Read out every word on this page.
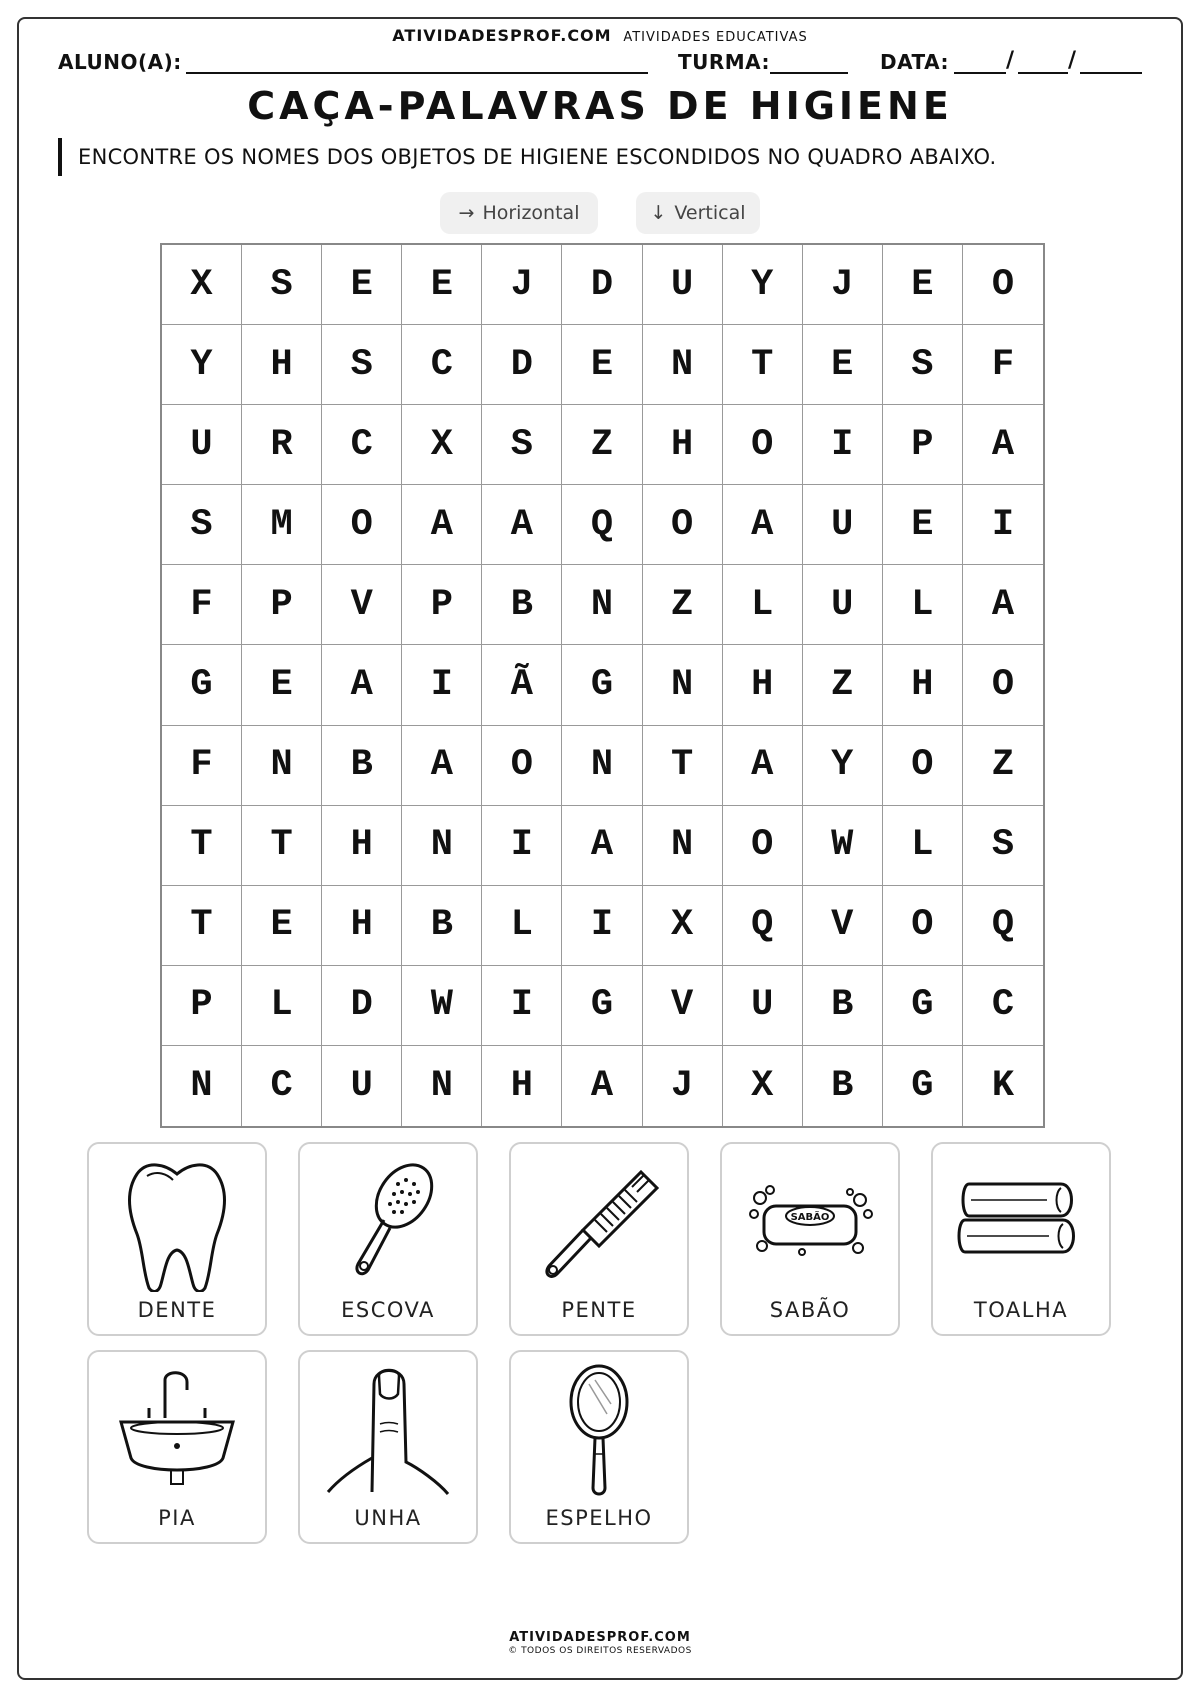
ATIVIDADESPROF.COM ATIVIDADES EDUCATIVAS
ALUNO(A):	TURMA:	DATA:	/ /
CAÇA-PALAVRAS DE HIGIENE
ENCONTRE OS NOMES DOS OBJETOS DE HIGIENE ESCONDIDOS NO QUADRO ABAIXO.
→ Horizontal	↓ Vertical
X	S	E	E	J	D	U	Y	J	E	O
Y	H	S	C	D	E	N	T	E	S	F
U	R	C	X	S	Z	H	O	I	P	A
S	M	O	A	A	Q	O	A	U	E	I
F	P	V	P	B	N	Z	L	U	L	A
G	E	A	I	Ã	G	N	H	Z	H	O
F	N	B	A	O	N	T	A	Y	O	Z
T	T	H	N	I	A	N	O	W	L	S
T	E	H	B	L	I	X	Q	V	O	Q
P	L	D	W	I	G	V	U	B	G	C
N	C	U	N	H	A	J	X	B	G	K
DENTE	ESCOVA	PENTE
SABÃO
SABÃO	TOALHA
PIA	UNHA	ESPELHO
ATIVIDADESPROF.COM
© TODOS OS DIREITOS RESERVADOS
